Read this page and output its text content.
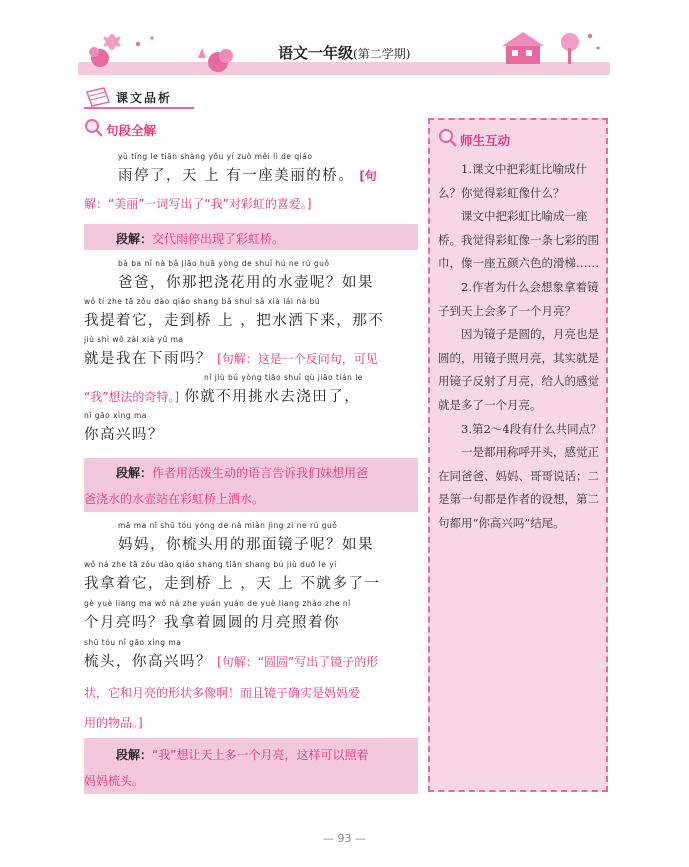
语文一年级(第二学期)
课文品析
句段全解
yǔ tíng le tiān shàng yǒu yí zuò měi lì de qiáo
雨停了，天 上 有一座美丽的桥。 [句
解：“美丽”一词写出了“我”对彩虹的喜爱。]
段解：交代雨停出现了彩虹桥。
bà ba nǐ nà bǎ jiāo huā yòng de shuǐ hú ne rú guǒ
爸爸，你那把浇花用的水壶呢？如果
wǒ tí zhe tā zǒu dào qiáo shang bǎ shuǐ sǎ xià lái nà bú
我提着它，走到桥 上 ，把水洒下来，那不
jiù shì wǒ zài xià yǔ ma
就是我在下雨吗？ [句解：这是一个反问句，可见
nǐ jiù bú yòng tiāo shuǐ qù jiāo tián le
“我”想法的奇特。] 你就不用挑水去浇田了，
nǐ gāo xìng ma
你高兴吗？
段解：作者用活泼生动的语言告诉我们妹想用爸
爸浇水的水壶站在彩虹桥上洒水。
mā ma nǐ shū tóu yòng de nà miàn jìng zi ne rú guǒ
妈妈，你梳头用的那面镜子呢？如果
wǒ ná zhe tā zǒu dào qiáo shang tiān shang bú jiù duō le yí
我拿着它，走到桥 上 ，天 上 不就多了一
gè yuè liang ma wǒ ná zhe yuán yuán de yuè liang zhào zhe nǐ
个月亮吗？我拿着圆圆的月亮照着你
shū tóu nǐ gāo xìng ma
梳头，你高兴吗？ [句解：“圆圆”写出了镜子的形
状，它和月亮的形状多像啊！而且镜子确实是妈妈爱
用的物品。]
段解：“我”想让天上多一个月亮，这样可以照着
妈妈梳头。
师生互动

1.课文中把彩虹比喻成什么？你觉得彩虹像什么？

课文中把彩虹比喻成一座桥。我觉得彩虹像一条七彩的围巾，像一座五颜六色的滑梯……

2.作者为什么会想象拿着镜子到天上会多了一个月亮？

因为镜子是圆的，月亮也是圆的，用镜子照月亮，其实就是用镜子反射了月亮，给人的感觉就是多了一个月亮。

3.第2～4段有什么共同点？

一是都用称呼开头，感觉正在同爸爸、妈妈、哥哥说话；二是第一句都是作者的设想，第二句都用“你高兴吗”结尾。

— 93 —
